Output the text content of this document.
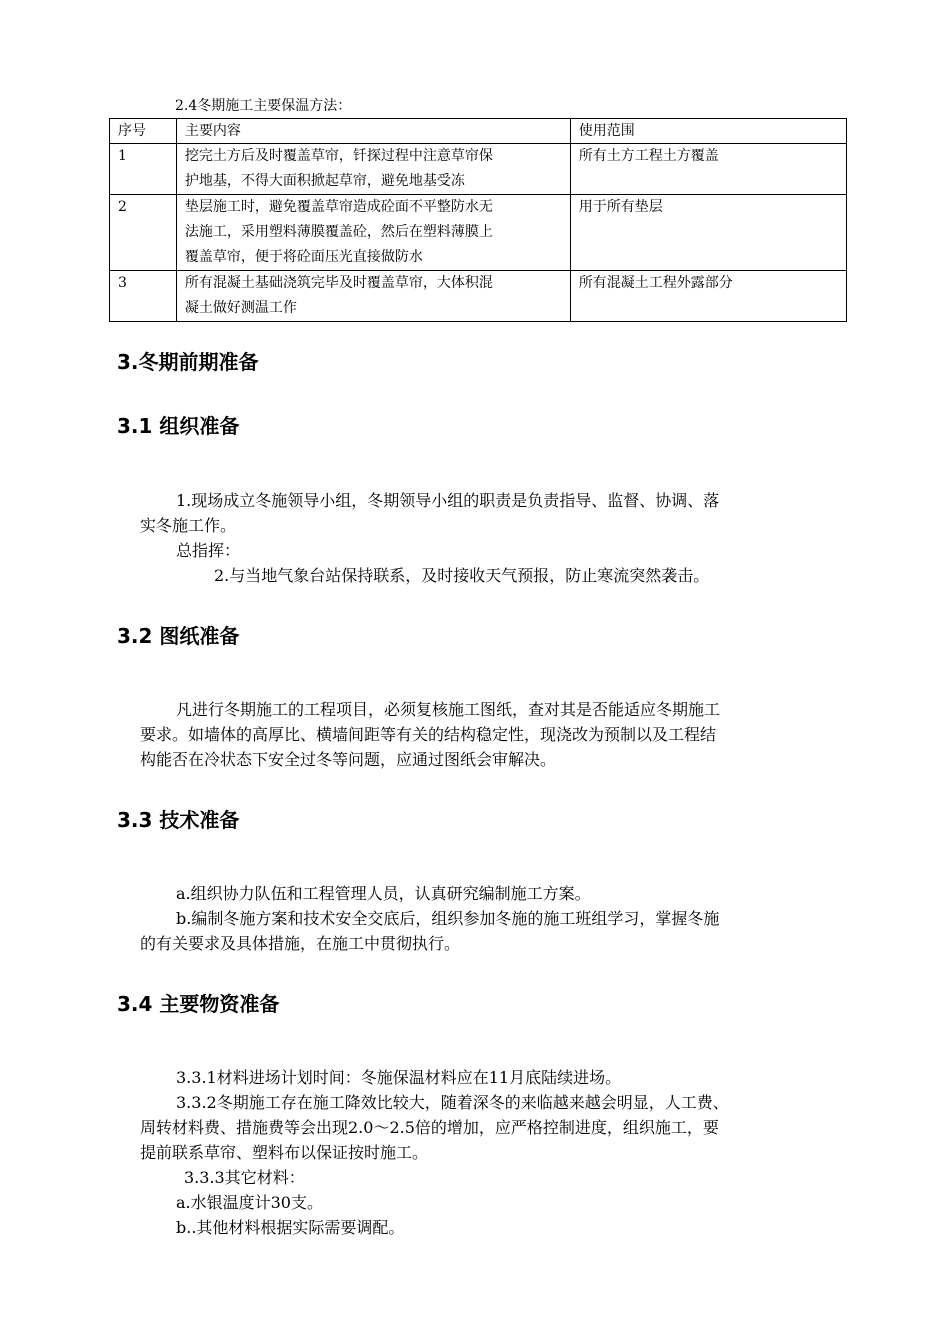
2.4冬期施工主要保温方法：
序号	主要内容	使用范围
1	挖完土方后及时覆盖草帘，钎探过程中注意草帘保
护地基，不得大面积掀起草帘，避免地基受冻	所有土方工程土方覆盖
2	垫层施工时，避免覆盖草帘造成砼面不平整防水无
法施工，采用塑料薄膜覆盖砼，然后在塑料薄膜上
覆盖草帘，便于将砼面压光直接做防水	用于所有垫层
3	所有混凝土基础浇筑完毕及时覆盖草帘，大体积混
凝土做好测温工作	所有混凝土工程外露部分
3.冬期前期准备
3.1 组织准备
1.现场成立冬施领导小组，冬期领导小组的职责是负责指导、监督、协调、落
实冬施工作。
总指挥：
2.与当地气象台站保持联系，及时接收天气预报，防止寒流突然袭击。
3.2 图纸准备
凡进行冬期施工的工程项目，必须复核施工图纸，查对其是否能适应冬期施工
要求。如墙体的高厚比、横墙间距等有关的结构稳定性，现浇改为预制以及工程结
构能否在冷状态下安全过冬等问题，应通过图纸会审解决。
3.3 技术准备
a.组织协力队伍和工程管理人员，认真研究编制施工方案。
b.编制冬施方案和技术安全交底后，组织参加冬施的施工班组学习，掌握冬施
的有关要求及具体措施，在施工中贯彻执行。
3.4 主要物资准备
3.3.1材料进场计划时间：冬施保温材料应在11月底陆续进场。
3.3.2冬期施工存在施工降效比较大，随着深冬的来临越来越会明显，人工费、
周转材料费、措施费等会出现2.0～2.5倍的增加，应严格控制进度，组织施工，要
提前联系草帘、塑料布以保证按时施工。
3.3.3其它材料：
a.水银温度计30支。
b..其他材料根据实际需要调配。
